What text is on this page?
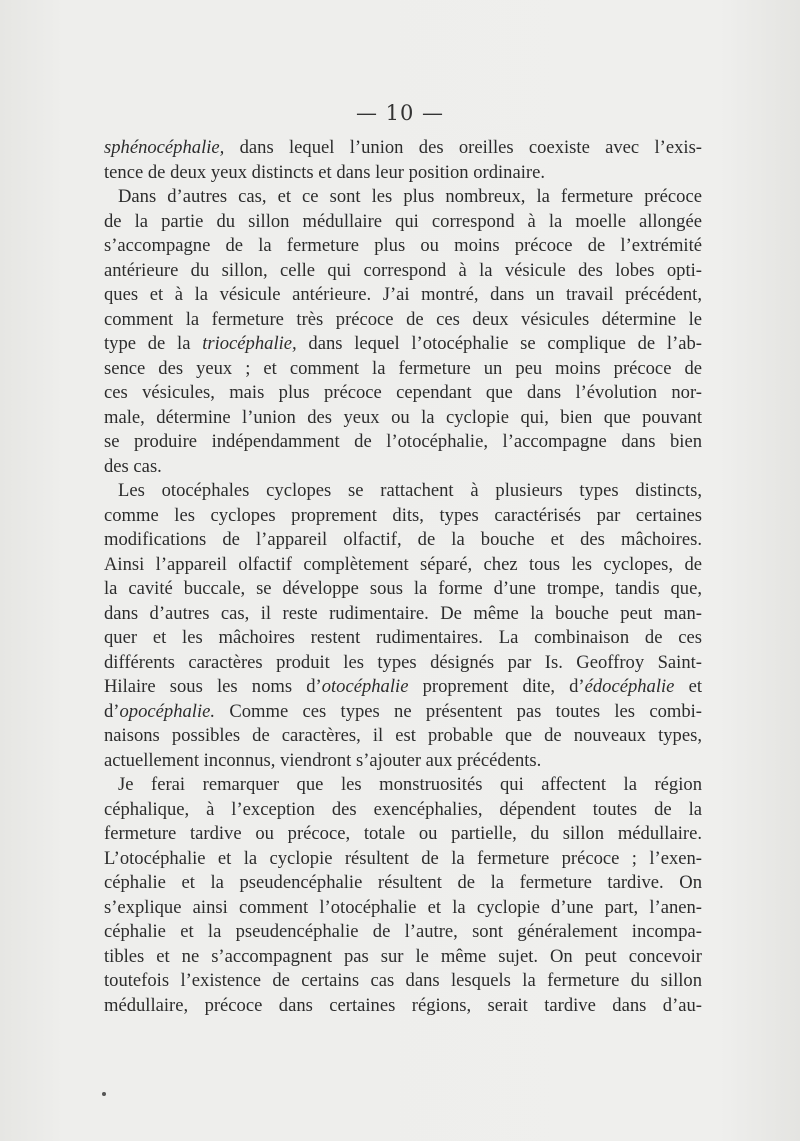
— 10 —
sphénocéphalie, dans lequel l’union des oreilles coexiste avec l’exis-
tence de deux yeux distincts et dans leur position ordinaire.
Dans d’autres cas, et ce sont les plus nombreux, la fermeture précoce
de la partie du sillon médullaire qui correspond à la moelle allongée
s’accompagne de la fermeture plus ou moins précoce de l’extrémité
antérieure du sillon, celle qui correspond à la vésicule des lobes opti-
ques et à la vésicule antérieure. J’ai montré, dans un travail précédent,
comment la fermeture très précoce de ces deux vésicules détermine le
type de la triocéphalie, dans lequel l’otocéphalie se complique de l’ab-
sence des yeux ; et comment la fermeture un peu moins précoce de
ces vésicules, mais plus précoce cependant que dans l’évolution nor-
male, détermine l’union des yeux ou la cyclopie qui, bien que pouvant
se produire indépendamment de l’otocéphalie, l’accompagne dans bien
des cas.
Les otocéphales cyclopes se rattachent à plusieurs types distincts,
comme les cyclopes proprement dits, types caractérisés par certaines
modifications de l’appareil olfactif, de la bouche et des mâchoires.
Ainsi l’appareil olfactif complètement séparé, chez tous les cyclopes, de
la cavité buccale, se développe sous la forme d’une trompe, tandis que,
dans d’autres cas, il reste rudimentaire. De même la bouche peut man-
quer et les mâchoires restent rudimentaires. La combinaison de ces
différents caractères produit les types désignés par Is. Geoffroy Saint-
Hilaire sous les noms d’otocéphalie proprement dite, d’édocéphalie et
d’opocéphalie. Comme ces types ne présentent pas toutes les combi-
naisons possibles de caractères, il est probable que de nouveaux types,
actuellement inconnus, viendront s’ajouter aux précédents.
Je ferai remarquer que les monstruosités qui affectent la région
céphalique, à l’exception des exencéphalies, dépendent toutes de la
fermeture tardive ou précoce, totale ou partielle, du sillon médullaire.
L’otocéphalie et la cyclopie résultent de la fermeture précoce ; l’exen-
céphalie et la pseudencéphalie résultent de la fermeture tardive. On
s’explique ainsi comment l’otocéphalie et la cyclopie d’une part, l’anen-
céphalie et la pseudencéphalie de l’autre, sont généralement incompa-
tibles et ne s’accompagnent pas sur le même sujet. On peut concevoir
toutefois l’existence de certains cas dans lesquels la fermeture du sillon
médullaire, précoce dans certaines régions, serait tardive dans d’au-
